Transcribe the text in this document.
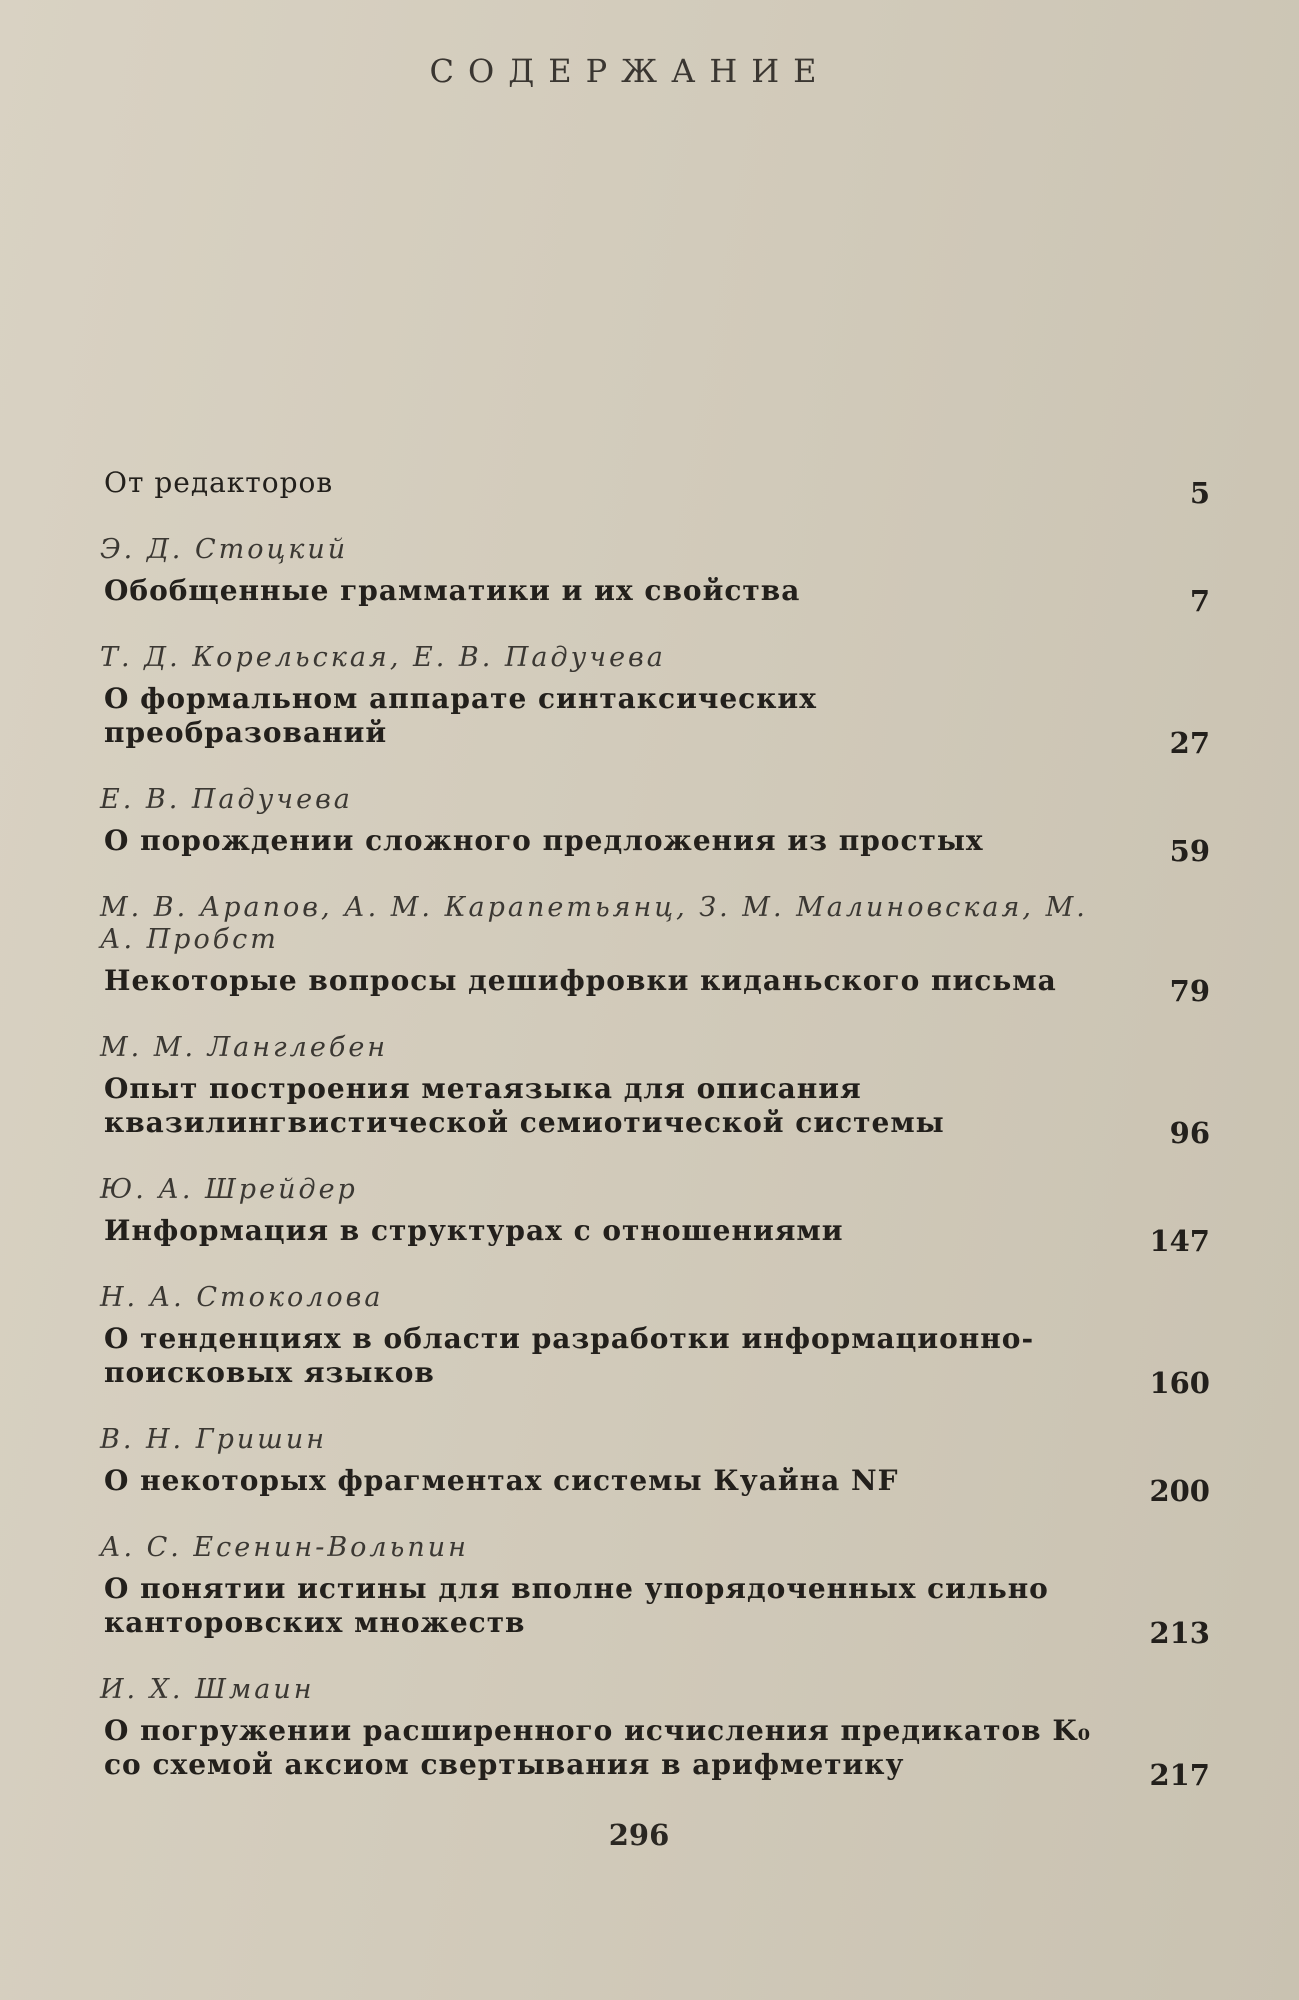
СОДЕРЖАНИЕ
От редакторов	5
Э. Д. Стоцкий
Обобщенные грамматики и их свойства	7
Т. Д. Корельская, Е. В. Падучева
О формальном аппарате синтаксических преобразований	27
Е. В. Падучева
О порождении сложного предложения из простых	59
М. В. Арапов, А. М. Карапетьянц, З. М. Малиновская, М. А. Пробст
Некоторые вопросы дешифровки киданьского письма	79
М. М. Ланглебен
Опыт построения метаязыка для описания квазилингвистической семиотической системы	96
Ю. А. Шрейдер
Информация в структурах с отношениями	147
Н. А. Стоколова
О тенденциях в области разработки информационно-поисковых языков	160
В. Н. Гришин
О некоторых фрагментах системы Куайна NF	200
А. С. Есенин-Вольпин
О понятии истины для вполне упорядоченных сильно канторовских множеств	213
И. Х. Шмаин
О погружении расширенного исчисления предикатов K₀ со схемой аксиом свертывания в арифметику	217
296
